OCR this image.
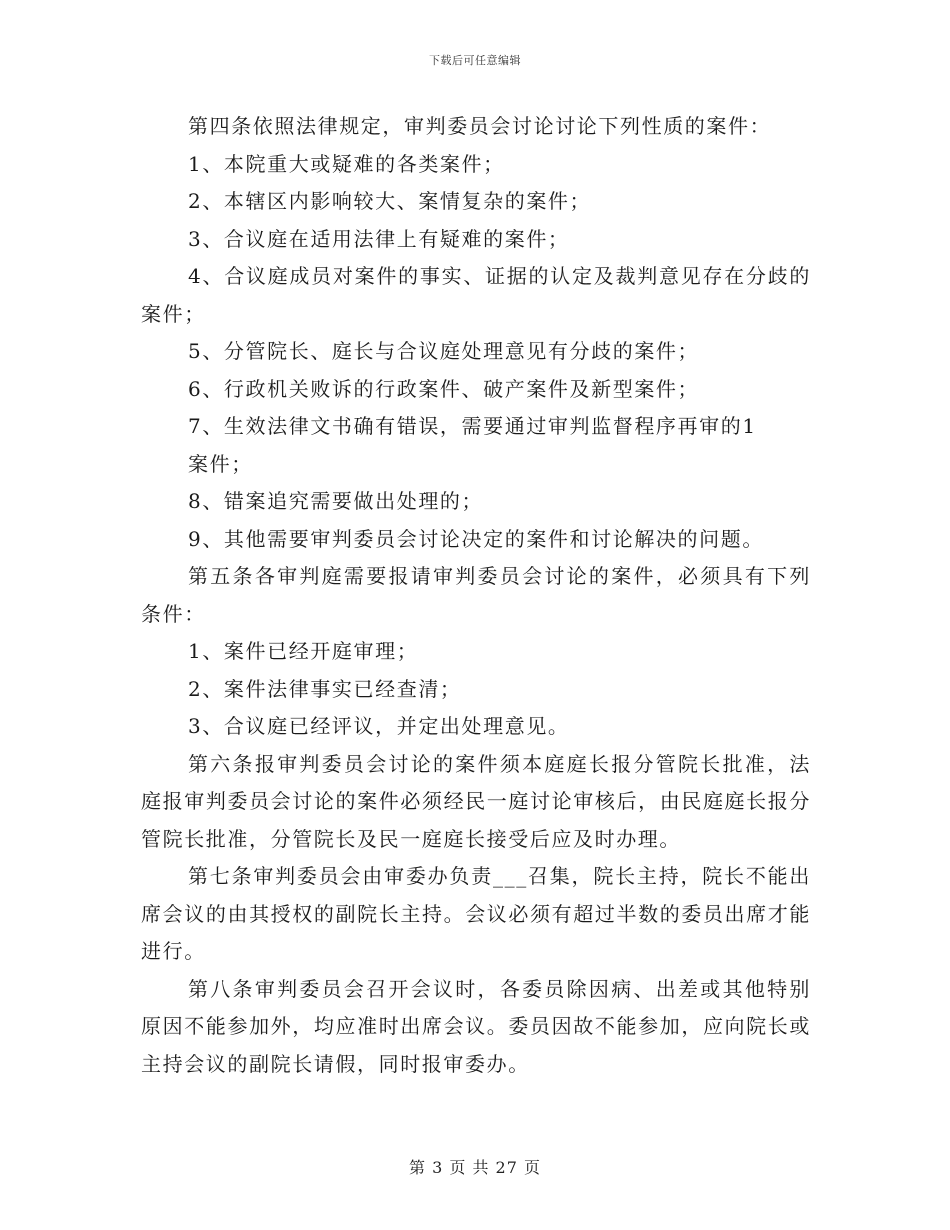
下载后可任意编辑

第四条依照法律规定，审判委员会讨论讨论下列性质的案件：

1、本院重大或疑难的各类案件；

2、本辖区内影响较大、案情复杂的案件；

3、合议庭在适用法律上有疑难的案件；

4、合议庭成员对案件的事实、证据的认定及裁判意见存在分歧的案件；

5、分管院长、庭长与合议庭处理意见有分歧的案件；

6、行政机关败诉的行政案件、破产案件及新型案件；

7、生效法律文书确有错误，需要通过审判监督程序再审的1

案件；

8、错案追究需要做出处理的；

9、其他需要审判委员会讨论决定的案件和讨论解决的问题。

第五条各审判庭需要报请审判委员会讨论的案件，必须具有下列条件：

1、案件已经开庭审理；

2、案件法律事实已经查清；

3、合议庭已经评议，并定出处理意见。

第六条报审判委员会讨论的案件须本庭庭长报分管院长批准，法庭报审判委员会讨论的案件必须经民一庭讨论审核后，由民庭庭长报分管院长批准，分管院长及民一庭庭长接受后应及时办理。

第七条审判委员会由审委办负责___召集，院长主持，院长不能出席会议的由其授权的副院长主持。会议必须有超过半数的委员出席才能进行。

第八条审判委员会召开会议时，各委员除因病、出差或其他特别原因不能参加外，均应准时出席会议。委员因故不能参加，应向院长或主持会议的副院长请假，同时报审委办。

第 3 页 共 27 页
